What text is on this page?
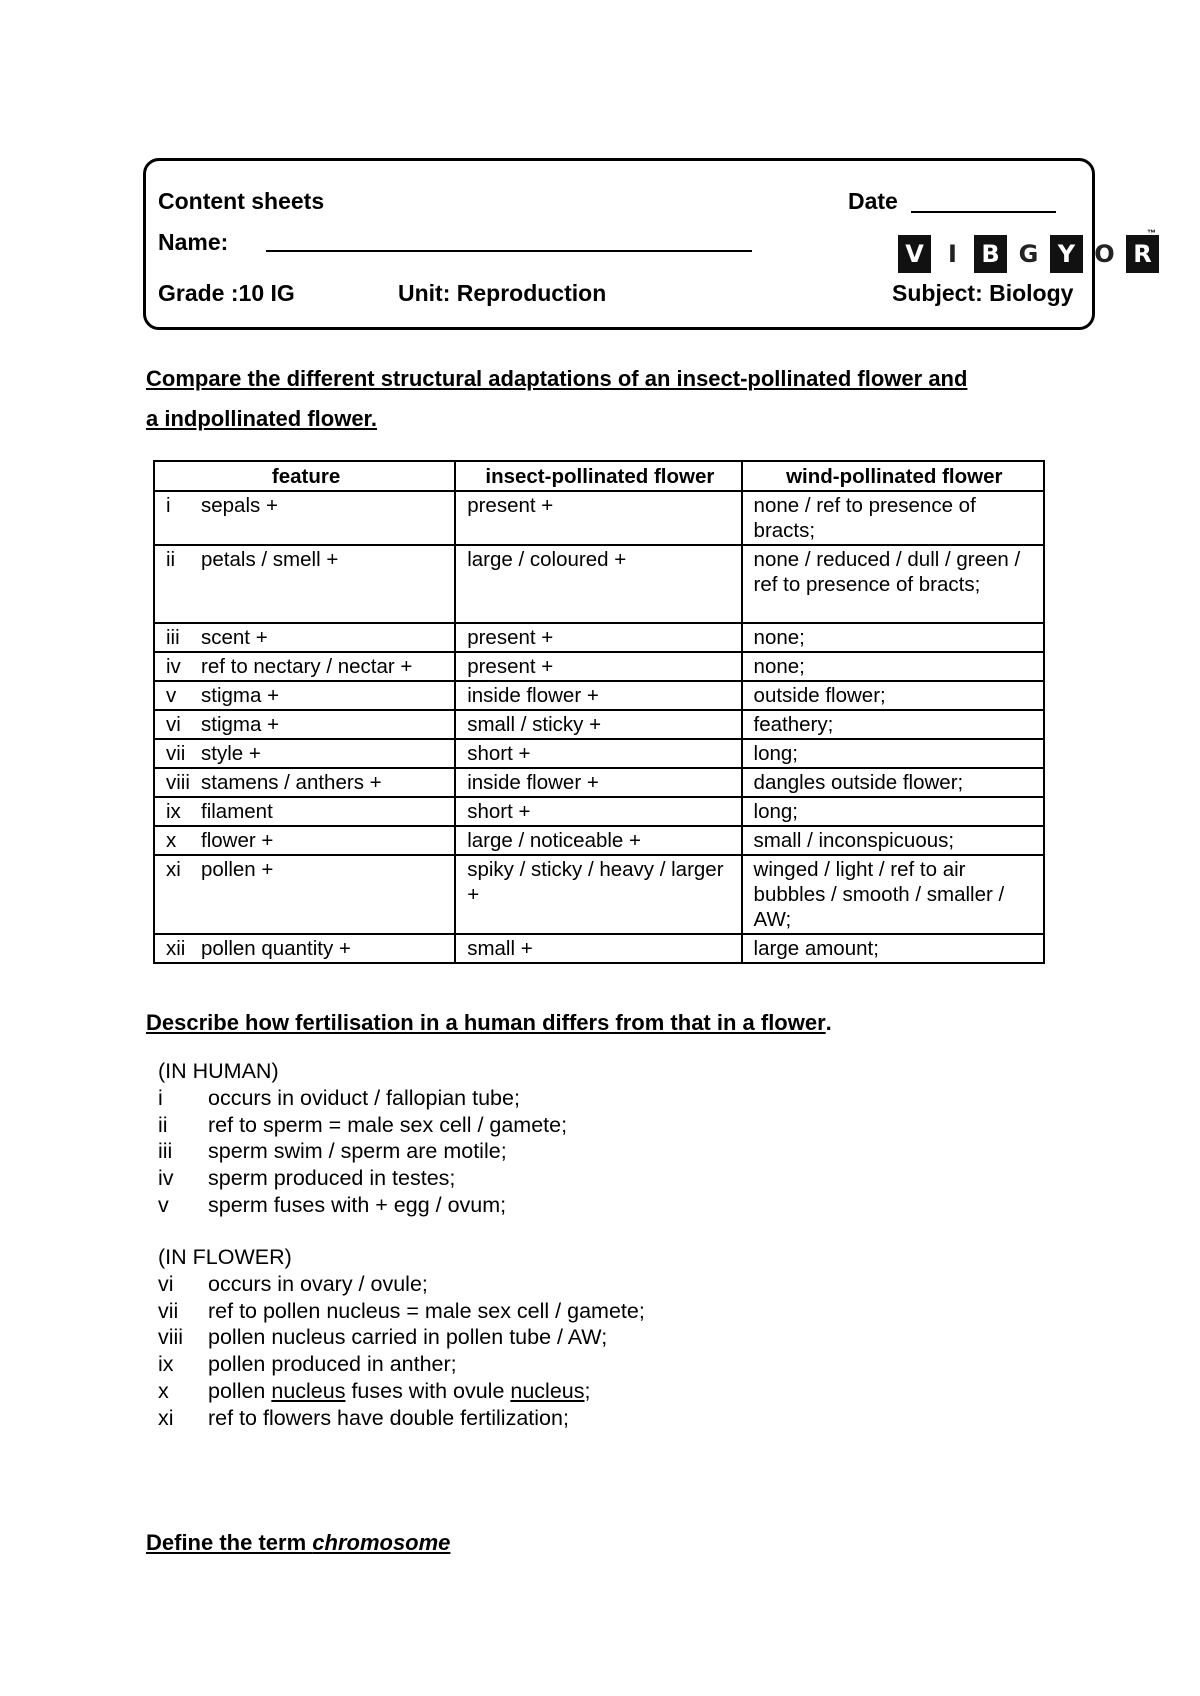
Content sheets	Date
Name:
Grade :10 IG	Unit: Reproduction	Subject: Biology
V	I	B G Y O R
™
Compare the different structural adaptations of an insect-pollinated flower and
a indpollinated flower.
feature	insect-pollinated flower	wind-pollinated flower
i sepals +	present +	none / ref to presence of bracts;
ii petals / smell +	large / coloured +	none / reduced / dull / green / ref to presence of bracts;
iii scent +	present +	none;
iv ref to nectary / nectar +	present +	none;
v stigma +	inside flower +	outside flower;
vi stigma +	small / sticky +	feathery;
vii style +	short +	long;
viii stamens / anthers +	inside flower +	dangles outside flower;
ix filament	short +	long;
x flower +	large / noticeable +	small / inconspicuous;
xi pollen +	spiky / sticky / heavy / larger +	winged / light / ref to air bubbles / smooth / smaller / AW;
xii pollen quantity +	small +	large amount;
Describe how fertilisation in a human differs from that in a flower.
(IN HUMAN)
i	occurs in oviduct / fallopian tube;
ii	ref to sperm = male sex cell / gamete;
iii	sperm swim / sperm are motile;
iv	sperm produced in testes;
v	sperm fuses with + egg / ovum;
(IN FLOWER)
vi	occurs in ovary / ovule;
vii	ref to pollen nucleus = male sex cell / gamete;
viii	pollen nucleus carried in pollen tube / AW;
ix	pollen produced in anther;
x	pollen nucleus fuses with ovule nucleus;
xi	ref to flowers have double fertilization;
Define the term chromosome
